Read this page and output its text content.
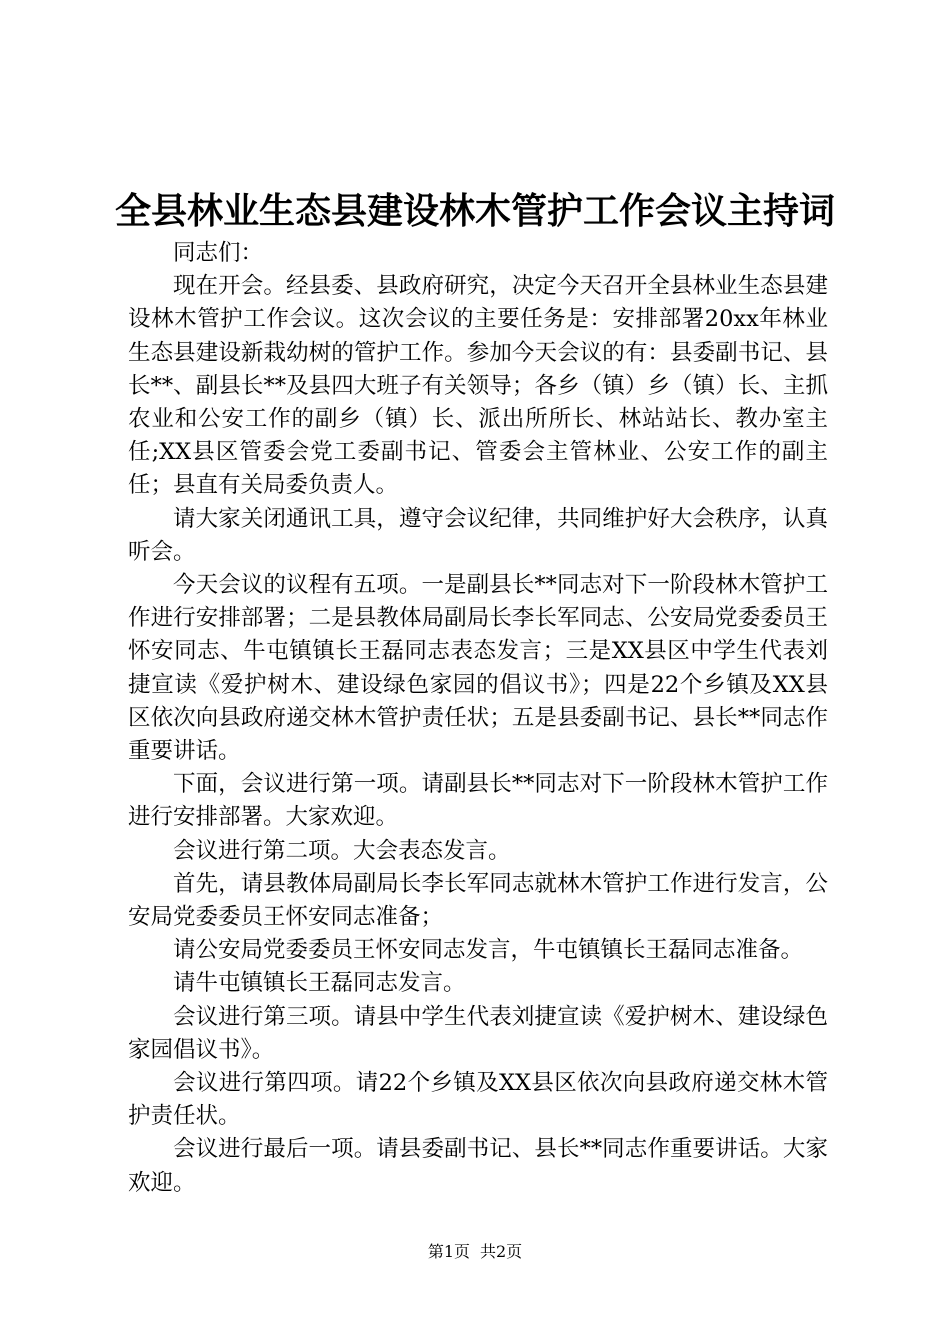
全县林业生态县建设林木管护工作会议主持词

同志们：

现在开会。经县委、县政府研究，决定今天召开全县林业生态县建设林木管护工作会议。这次会议的主要任务是：安排部署20xx年林业生态县建设新栽幼树的管护工作。参加今天会议的有：县委副书记、县长**、副县长**及县四大班子有关领导；各乡（镇）乡（镇）长、主抓农业和公安工作的副乡（镇）长、派出所所长、林站站长、教办室主任;XX县区管委会党工委副书记、管委会主管林业、公安工作的副主任；县直有关局委负责人。

请大家关闭通讯工具，遵守会议纪律，共同维护好大会秩序，认真听会。

今天会议的议程有五项。一是副县长**同志对下一阶段林木管护工作进行安排部署；二是县教体局副局长李长军同志、公安局党委委员王怀安同志、牛屯镇镇长王磊同志表态发言；三是XX县区中学生代表刘捷宣读《爱护树木、建设绿色家园的倡议书》；四是22个乡镇及XX县区依次向县政府递交林木管护责任状；五是县委副书记、县长**同志作重要讲话。

下面，会议进行第一项。请副县长**同志对下一阶段林木管护工作进行安排部署。大家欢迎。

会议进行第二项。大会表态发言。

首先，请县教体局副局长李长军同志就林木管护工作进行发言，公安局党委委员王怀安同志准备；

请公安局党委委员王怀安同志发言，牛屯镇镇长王磊同志准备。

请牛屯镇镇长王磊同志发言。

会议进行第三项。请县中学生代表刘捷宣读《爱护树木、建设绿色家园倡议书》。

会议进行第四项。请22个乡镇及XX县区依次向县政府递交林木管护责任状。

会议进行最后一项。请县委副书记、县长**同志作重要讲话。大家欢迎。

第1页 共2页
